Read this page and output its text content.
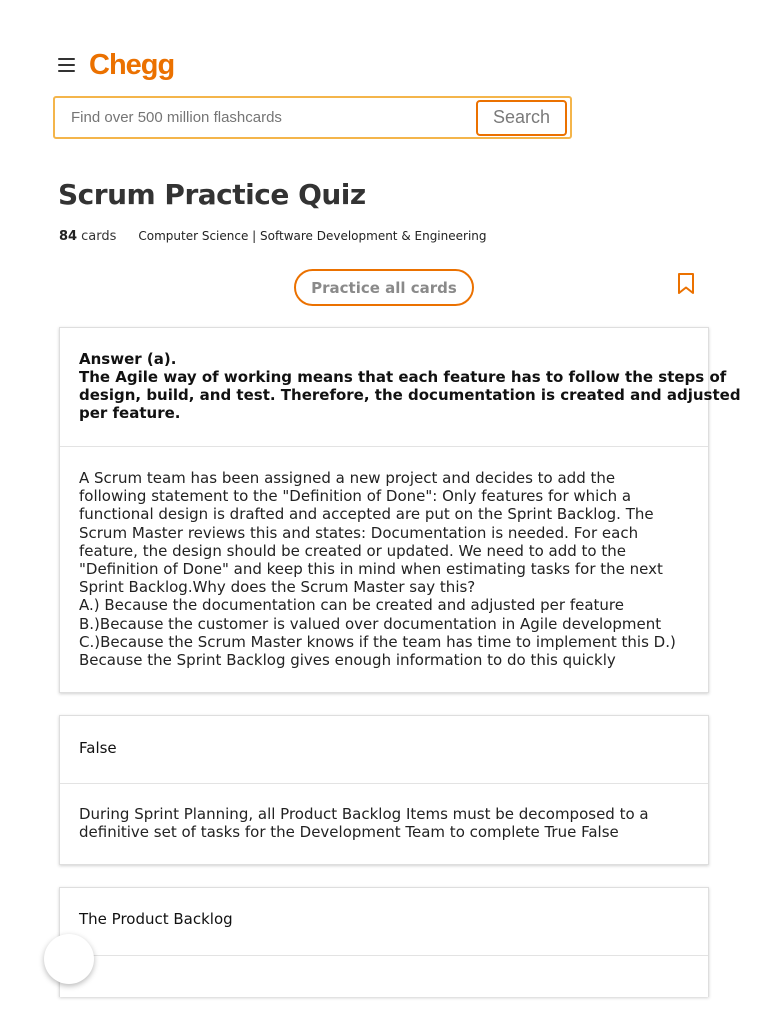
Chegg
Find over 500 million flashcards
Search
Scrum Practice Quiz
84 cards Computer Science | Software Development & Engineering
Practice all cards
Answer (a).
The Agile way of working means that each feature has to follow the steps of
design, build, and test. Therefore, the documentation is created and adjusted
per feature.
A Scrum team has been assigned a new project and decides to add the
following statement to the "Definition of Done": Only features for which a
functional design is drafted and accepted are put on the Sprint Backlog. The
Scrum Master reviews this and states: Documentation is needed. For each
feature, the design should be created or updated. We need to add to the
"Definition of Done" and keep this in mind when estimating tasks for the next
Sprint Backlog.Why does the Scrum Master say this?
A.) Because the documentation can be created and adjusted per feature
B.)Because the customer is valued over documentation in Agile development
C.)Because the Scrum Master knows if the team has time to implement this D.)
Because the Sprint Backlog gives enough information to do this quickly
False
During Sprint Planning, all Product Backlog Items must be decomposed to a
definitive set of tasks for the Development Team to complete True False
The Product Backlog
